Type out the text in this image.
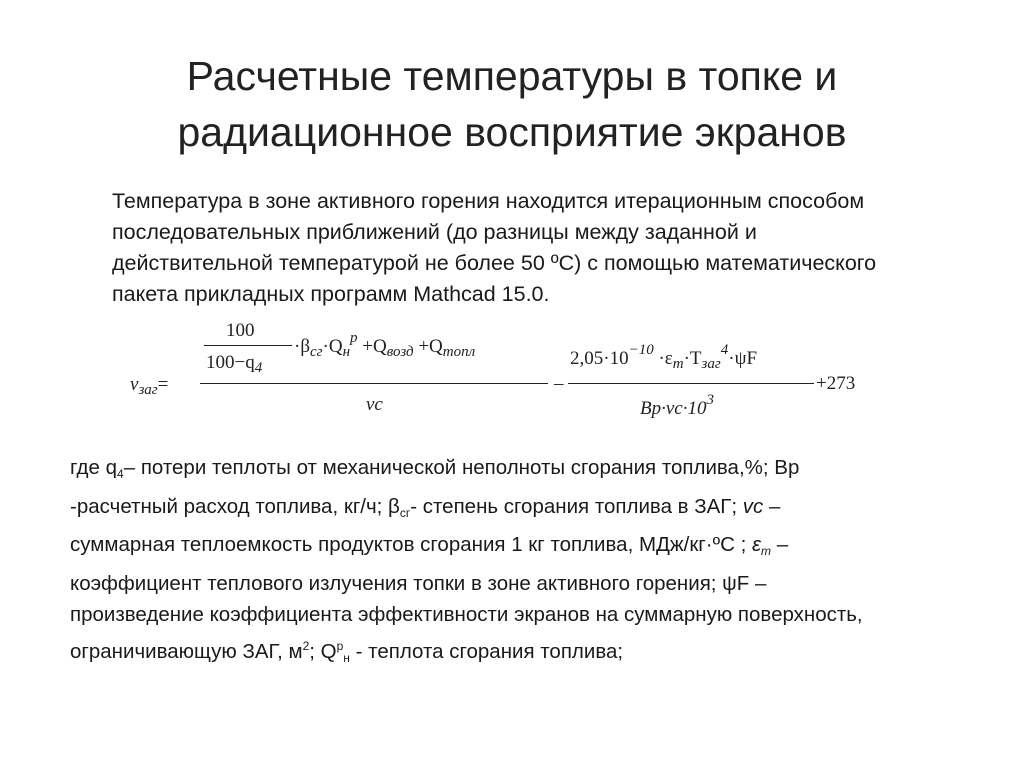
Расчетные температуры в топке и
радиационное восприятие экранов
Температура в зоне активного горения находится итерационным способом
последовательных приближений (до разницы между заданной и
действительной температурой не более 50 ºС) с помощью математического
пакета прикладных программ Mathcad 15.0.
$\nu_{заг}=$
100
$100-q_4$
$\cdot\beta_{сг}\cdot Q_н^p +Q_{возд} +Q_{топл}$
vc
–
$2,05\cdot 10^{-10} \cdot\varepsilon_т\cdot T_{заг}^4\cdot\psi F$
$Bp\cdot vc\cdot 10^3$
+273
где $q_4-$ потери теплоты от механической неполноты сгорания топлива,%; Вр
-расчетный расход топлива, кг/ч; $\beta_{сг}-$ степень сгорания топлива в ЗАГ; vc –
суммарная теплоемкость продуктов сгорания 1 кг топлива, МДж/кг·ºС ; $\varepsilon_т$ –
коэффициент теплового излучения топки в зоне активного горения; ψF –
произведение коэффициента эффективности экранов на суммарную поверхность,
ограничивающую ЗАГ, $м^2$; $Q^р_н$ - теплота сгорания топлива;
